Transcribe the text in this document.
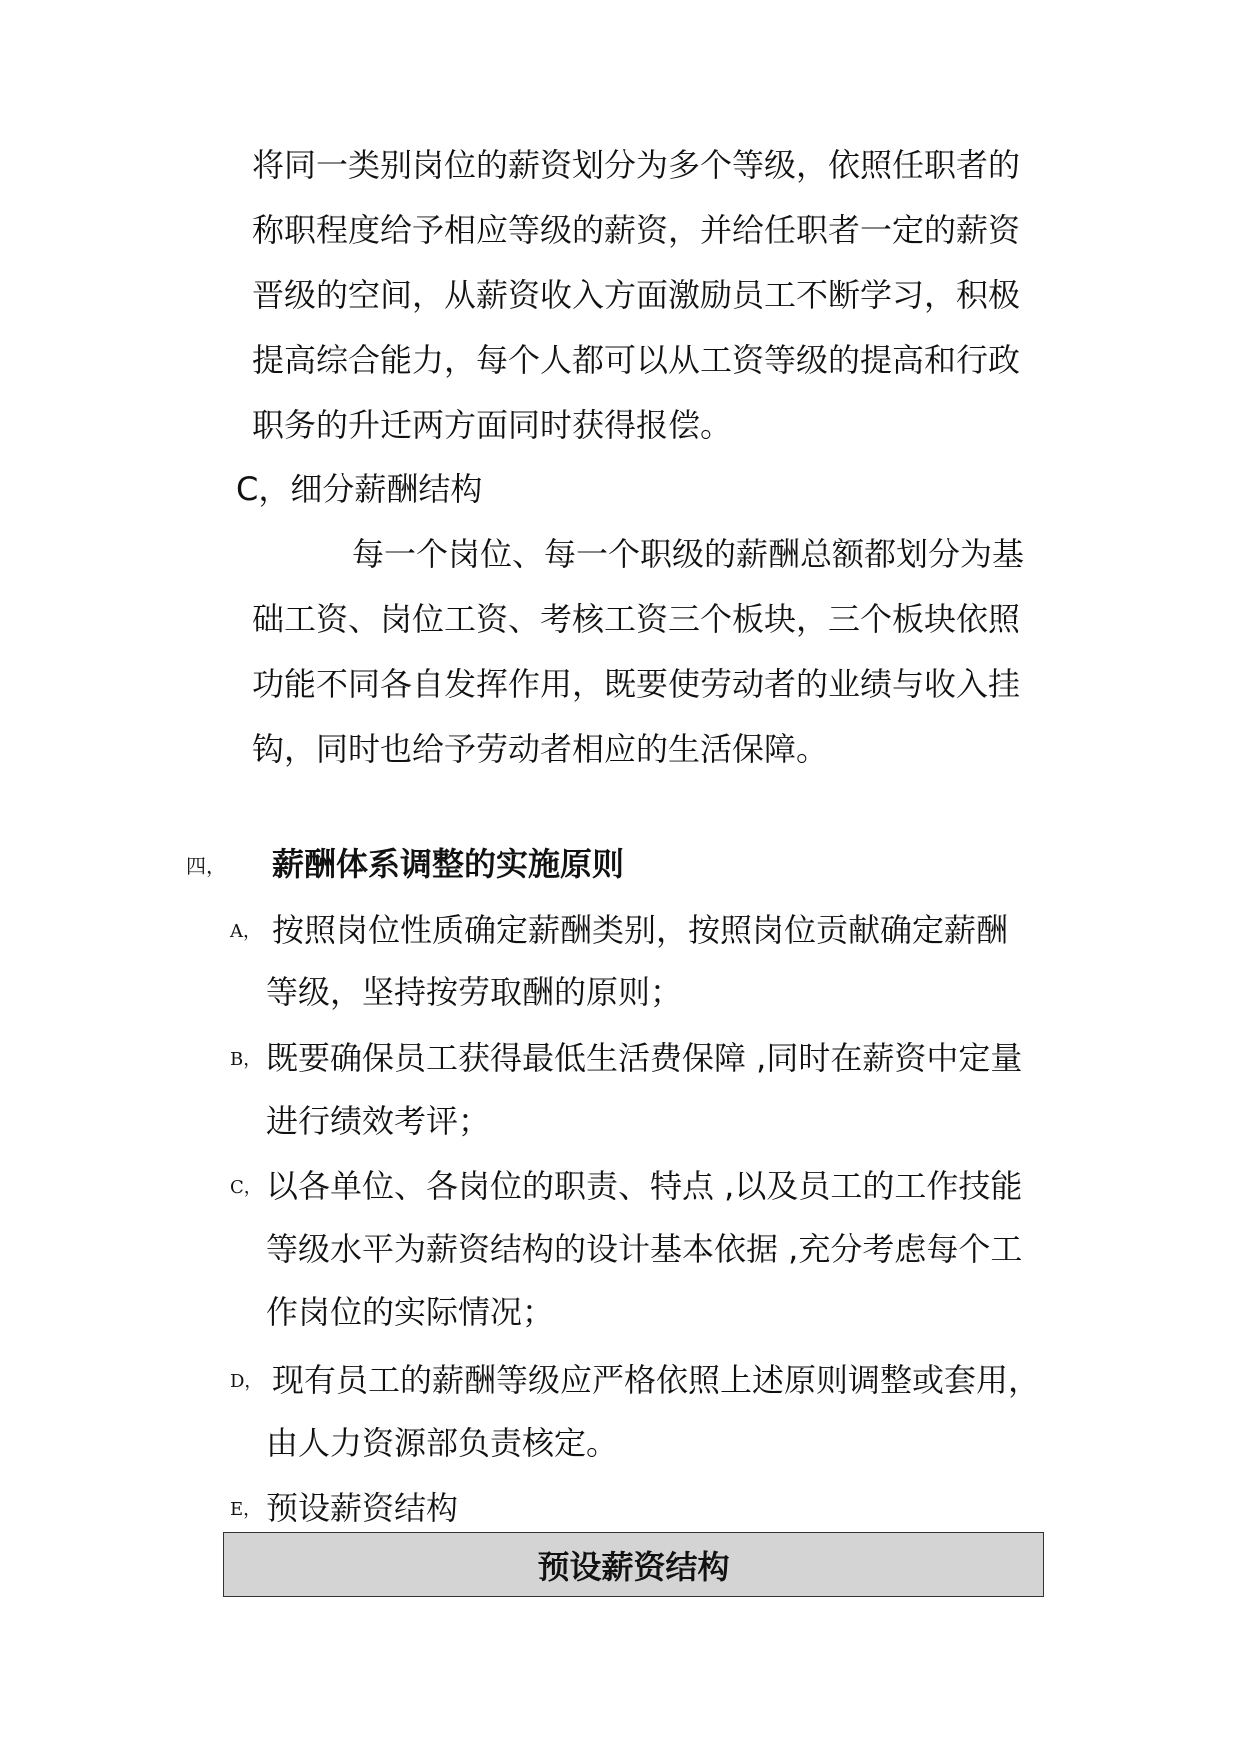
将同一类别岗位的薪资划分为多个等级，依照任职者的
称职程度给予相应等级的薪资，并给任职者一定的薪资
晋级的空间，从薪资收入方面激励员工不断学习，积极
提高综合能力，每个人都可以从工资等级的提高和行政
职务的升迁两方面同时获得报偿。
C，细分薪酬结构
每一个岗位、每一个职级的薪酬总额都划分为基
础工资、岗位工资、考核工资三个板块，三个板块依照
功能不同各自发挥作用，既要使劳动者的业绩与收入挂
钩，同时也给予劳动者相应的生活保障。
四， 薪酬体系调整的实施原则
A， 按照岗位性质确定薪酬类别，按照岗位贡献确定薪酬
等级，坚持按劳取酬的原则；
B， 既要确保员工获得最低生活费保障 ,同时在薪资中定量
进行绩效考评；
C， 以各单位、各岗位的职责、特点 ,以及员工的工作技能
等级水平为薪资结构的设计基本依据 ,充分考虑每个工
作岗位的实际情况；
D， 现有员工的薪酬等级应严格依照上述原则调整或套用，
由人力资源部负责核定。
E， 预设薪资结构
预设薪资结构
